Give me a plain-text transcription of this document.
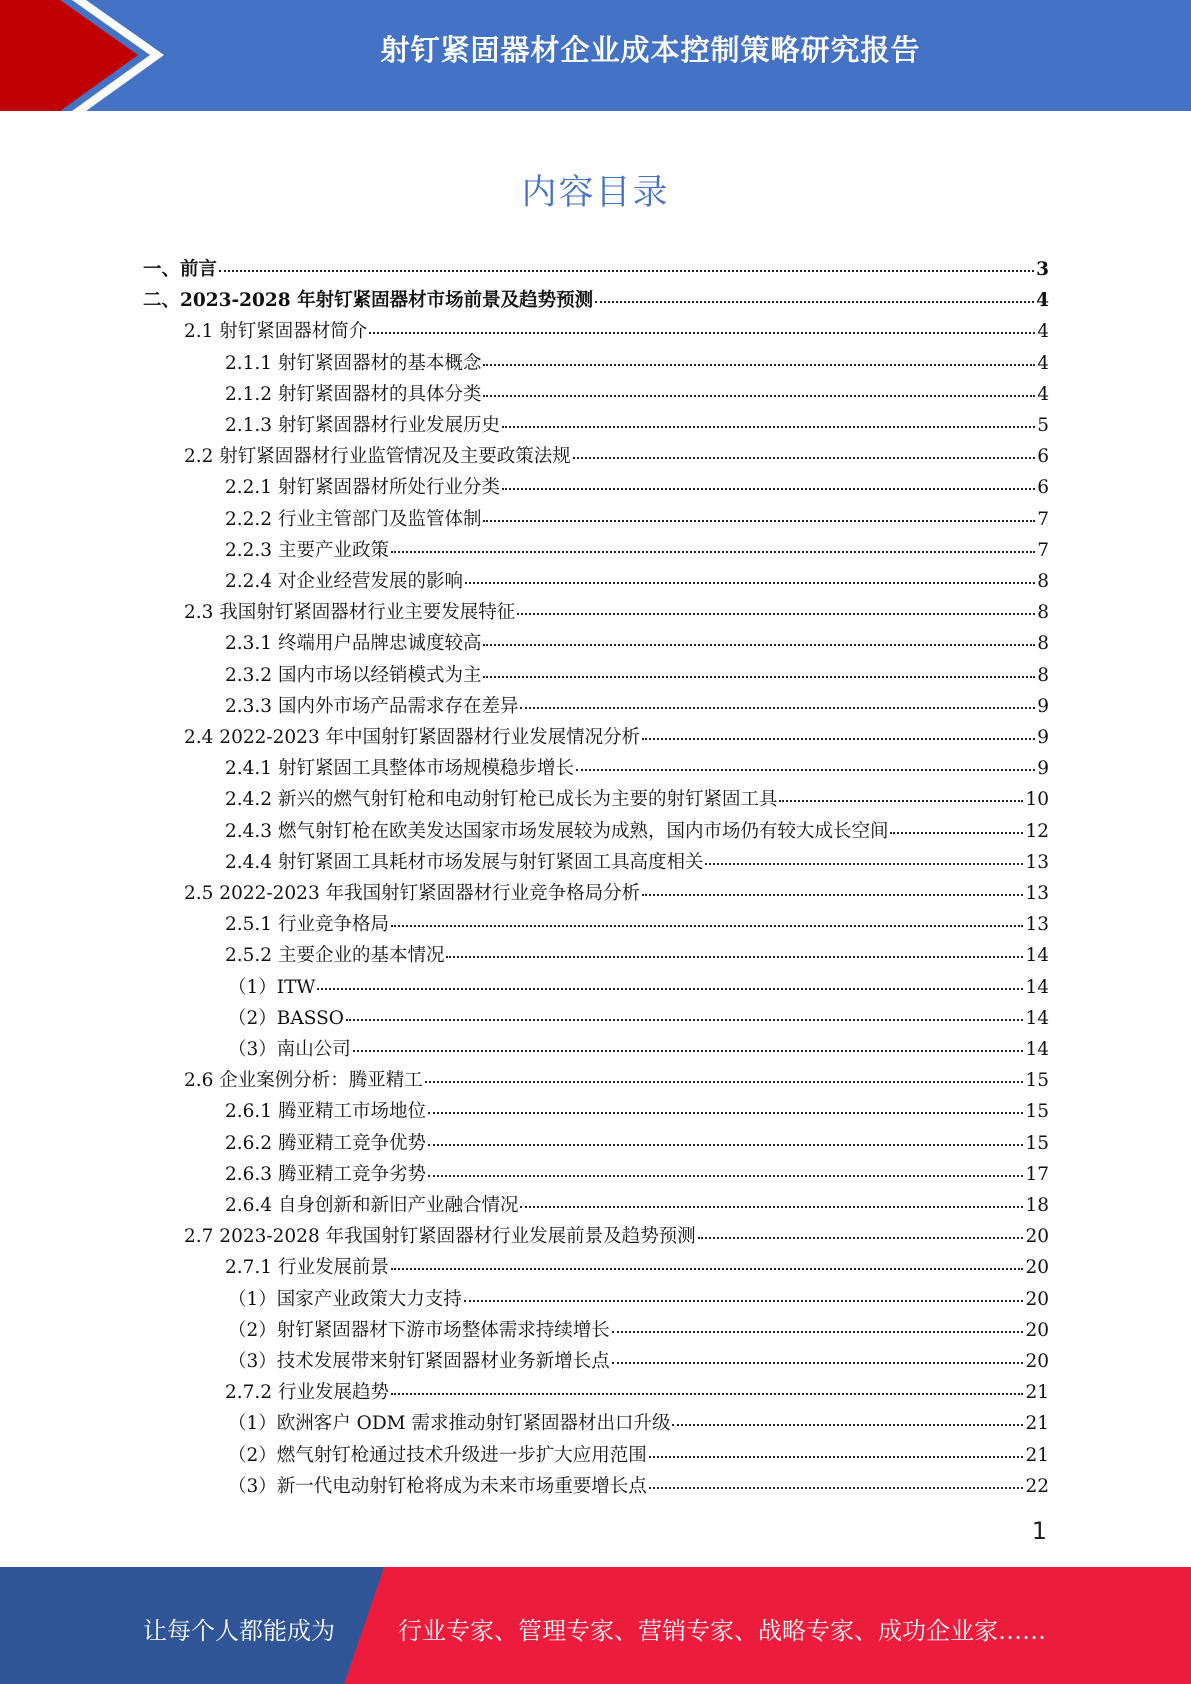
射钉紧固器材企业成本控制策略研究报告
内容目录
一、前言	3
二、2023-2028 年射钉紧固器材市场前景及趋势预测	4
2.1 射钉紧固器材简介	4
2.1.1 射钉紧固器材的基本概念	4
2.1.2 射钉紧固器材的具体分类	4
2.1.3 射钉紧固器材行业发展历史	5
2.2 射钉紧固器材行业监管情况及主要政策法规	6
2.2.1 射钉紧固器材所处行业分类	6
2.2.2 行业主管部门及监管体制	7
2.2.3 主要产业政策	7
2.2.4 对企业经营发展的影响	8
2.3 我国射钉紧固器材行业主要发展特征	8
2.3.1 终端用户品牌忠诚度较高	8
2.3.2 国内市场以经销模式为主	8
2.3.3 国内外市场产品需求存在差异	9
2.4 2022-2023 年中国射钉紧固器材行业发展情况分析	9
2.4.1 射钉紧固工具整体市场规模稳步增长	9
2.4.2 新兴的燃气射钉枪和电动射钉枪已成长为主要的射钉紧固工具	10
2.4.3 燃气射钉枪在欧美发达国家市场发展较为成熟，国内市场仍有较大成长空间	12
2.4.4 射钉紧固工具耗材市场发展与射钉紧固工具高度相关	13
2.5 2022-2023 年我国射钉紧固器材行业竞争格局分析	13
2.5.1 行业竞争格局	13
2.5.2 主要企业的基本情况	14
（1）ITW	14
（2）BASSO	14
（3）南山公司	14
2.6 企业案例分析：腾亚精工	15
2.6.1 腾亚精工市场地位	15
2.6.2 腾亚精工竞争优势	15
2.6.3 腾亚精工竞争劣势	17
2.6.4 自身创新和新旧产业融合情况	18
2.7 2023-2028 年我国射钉紧固器材行业发展前景及趋势预测	20
2.7.1 行业发展前景	20
（1）国家产业政策大力支持	20
（2）射钉紧固器材下游市场整体需求持续增长	20
（3）技术发展带来射钉紧固器材业务新增长点	20
2.7.2 行业发展趋势	21
（1）欧洲客户 ODM 需求推动射钉紧固器材出口升级	21
（2）燃气射钉枪通过技术升级进一步扩大应用范围	21
（3）新一代电动射钉枪将成为未来市场重要增长点	22
1
让每个人都能成为	行业专家、管理专家、营销专家、战略专家、成功企业家……
